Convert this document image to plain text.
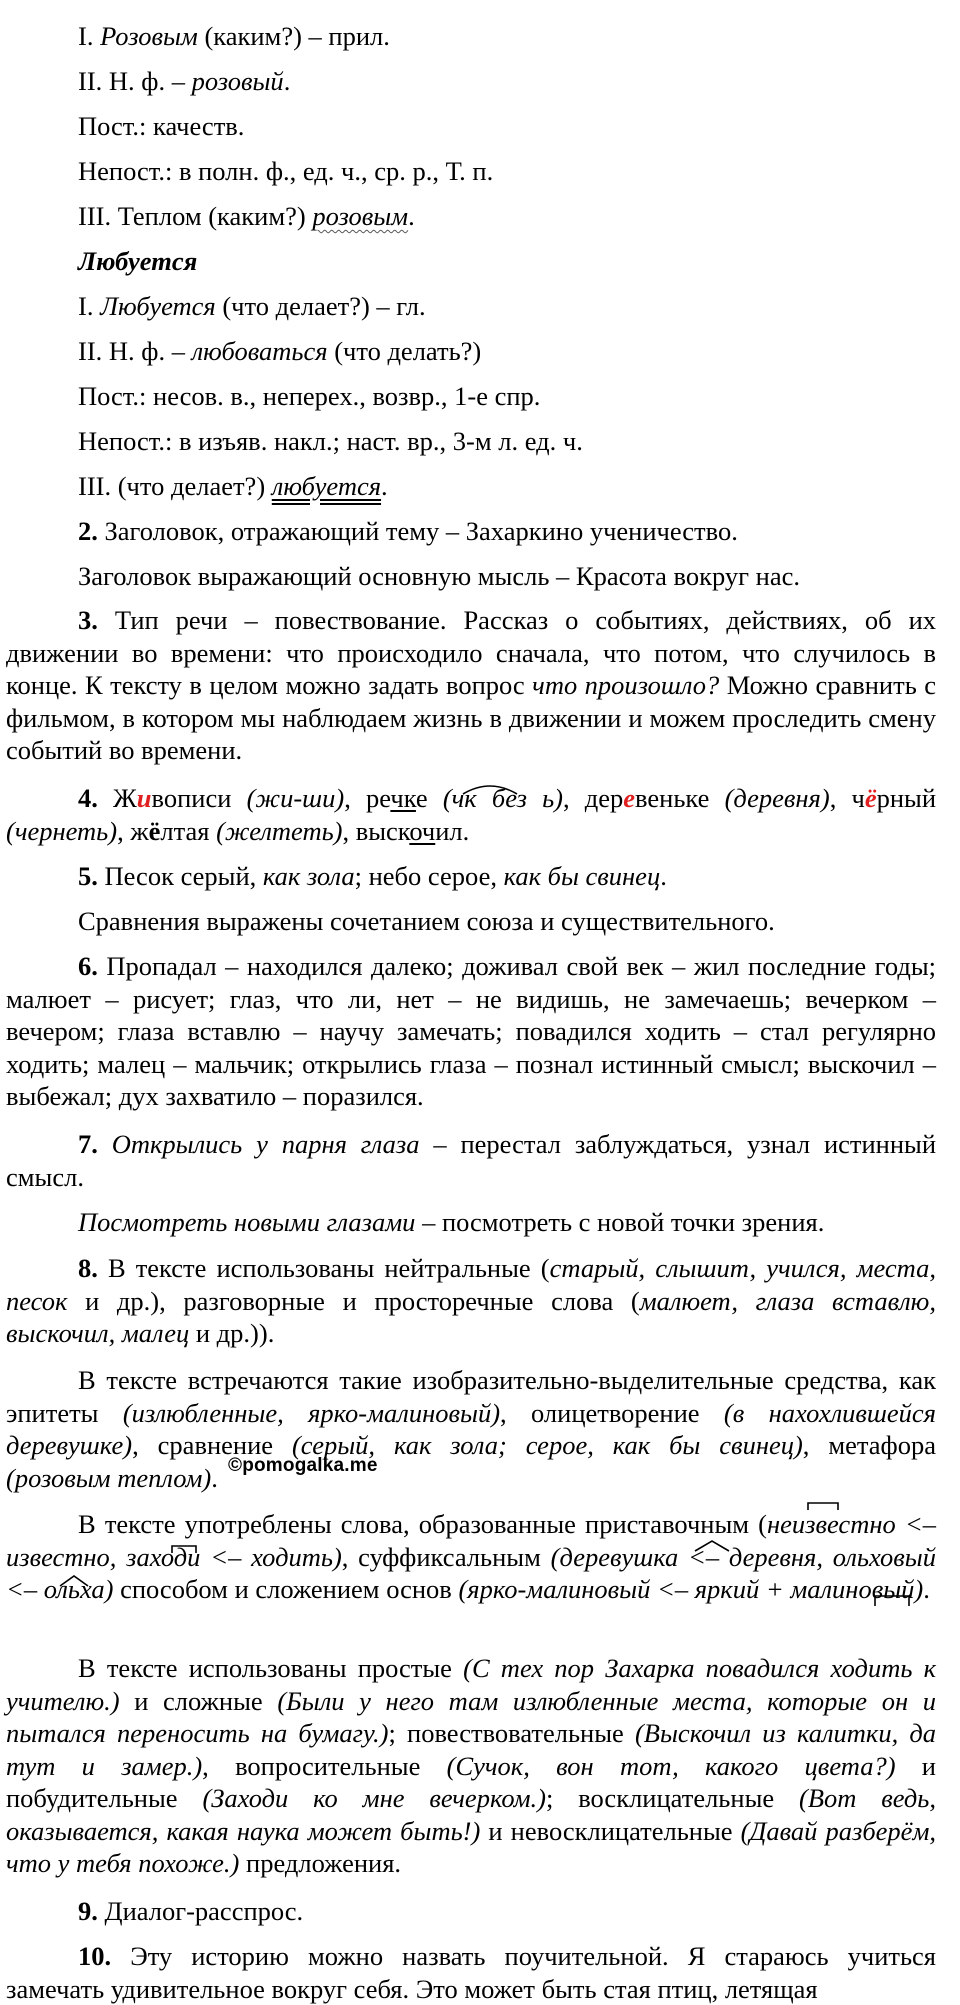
I. Розовым (каким?) – прил.
II. Н. ф. – розовый.
Пост.: качеств.
Непост.: в полн. ф., ед. ч., ср. р., Т. п.
III. Теплом (каким?) розовым.
Любуется
I. Любуется (что делает?) – гл.
II. Н. ф. – любоваться (что делать?)
Пост.: несов. в., неперех., возвр., 1-е спр.
Непост.: в изъяв. накл.; наст. вр., 3-м л. ед. ч.
III. (что делает?) любуется.
2. Заголовок, отражающий тему – Захаркино ученичество.
Заголовок выражающий основную мысль – Красота вокруг нас.
3. Тип речи – повествование. Рассказ о событиях, действиях, об их движении во времени: что происходило сначала, что потом, что случилось в конце. К тексту в целом можно задать вопрос что произошло? Можно сравнить с фильмом, в котором мы наблюдаем жизнь в движении и можем проследить смену событий во времени.
4. Живописи (жи-ши), речке (чк без ь), деревеньке (деревня), чёрный (чернеть), жёлтая (желтеть), выскочил.
5. Песок серый, как зола; небо серое, как бы свинец.
Сравнения выражены сочетанием союза и существительного.
6. Пропадал – находился далеко; доживал свой век – жил последние годы; малюет – рисует; глаз, что ли, нет – не видишь, не замечаешь; вечерком – вечером; глаза вставлю – научу замечать; повадился ходить – стал регулярно ходить; малец – мальчик; открылись глаза – познал истинный смысл; выскочил – выбежал; дух захватило – поразился.
7. Открылись у парня глаза – перестал заблуждаться, узнал истинный смысл.
Посмотреть новыми глазами – посмотреть с новой точки зрения.
8. В тексте использованы нейтральные (старый, слышит, учился, места, песок и др.), разговорные и просторечные слова (малюет, глаза вставлю, выскочил, малец и др.)).
В тексте встречаются такие изобразительно-выделительные средства, как эпитеты (излюбленные, ярко-малиновый), олицетворение (в нахохлившейся деревушке), сравнение (серый, как зола; серое, как бы свинец), метафора (розовым теплом). ©pomogalka.me
В тексте употреблены слова, образованные приставочным (неизвестно <– известно, заходи <– ходить), суффиксальным (деревушка <– деревня, ольховый <– ольха) способом и сложением основ (ярко-малиновый <– яркий + малиновый).
В тексте использованы простые (С тех пор Захарка повадился ходить к учителю.) и сложные (Были у него там излюбленные места, которые он и пытался переносить на бумагу.); повествовательные (Выскочил из калитки, да тут и замер.), вопросительные (Сучок, вон тот, какого цвета?) и побудительные (Заходи ко мне вечерком.); восклицательные (Вот ведь, оказывается, какая наука может быть!) и невосклицательные (Давай разберём, что у тебя похоже.) предложения.
9. Диалог-расспрос.
10. Эту историю можно назвать поучительной. Я стараюсь учиться замечать удивительное вокруг себя. Это может быть стая птиц, летящая
